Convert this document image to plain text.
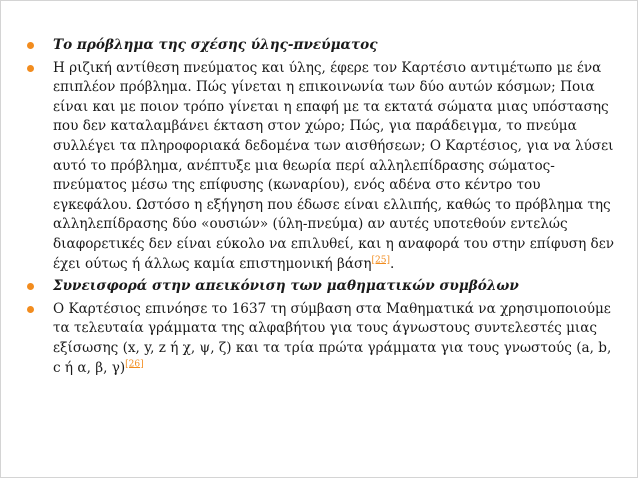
Το πρόβλημα της σχέσης ύλης-πνεύματος
Η ριζική αντίθεση πνεύματος και ύλης, έφερε τον Καρτέσιο αντιμέτωπο με ένα επιπλέον πρόβλημα. Πώς γίνεται η επικοινωνία των δύο αυτών κόσμων; Ποια είναι και με ποιον τρόπο γίνεται η επαφή με τα εκτατά σώματα μιας υπόστασης που δεν καταλαμβάνει έκταση στον χώρο; Πώς, για παράδειγμα, το πνεύμα συλλέγει τα πληροφοριακά δεδομένα των αισθήσεων; Ο Καρτέσιος, για να λύσει αυτό το πρόβλημα, ανέπτυξε μια θεωρία περί αλληλεπίδρασης σώματος-πνεύματος μέσω της επίφυσης (κωναρίου), ενός αδένα στο κέντρο του εγκεφάλου. Ωστόσο η εξήγηση που έδωσε είναι ελλιπής, καθώς το πρόβλημα της αλληλεπίδρασης δύο «ουσιών» (ύλη-πνεύμα) αν αυτές υποτεθούν εντελώς διαφορετικές δεν είναι εύκολο να επιλυθεί, και η αναφορά του στην επίφυση δεν έχει ούτως ή άλλως καμία επιστημονική βάση[25].
Συνεισφορά στην απεικόνιση των μαθηματικών συμβόλων
Ο Καρτέσιος επινόησε το 1637 τη σύμβαση στα Μαθηματικά να χρησιμοποιούμε τα τελευταία γράμματα της αλφαβήτου για τους άγνωστους συντελεστές μιας εξίσωσης (x, y, z ή χ, ψ, ζ) και τα τρία πρώτα γράμματα για τους γνωστούς (a, b, c ή α, β, γ)[26]
